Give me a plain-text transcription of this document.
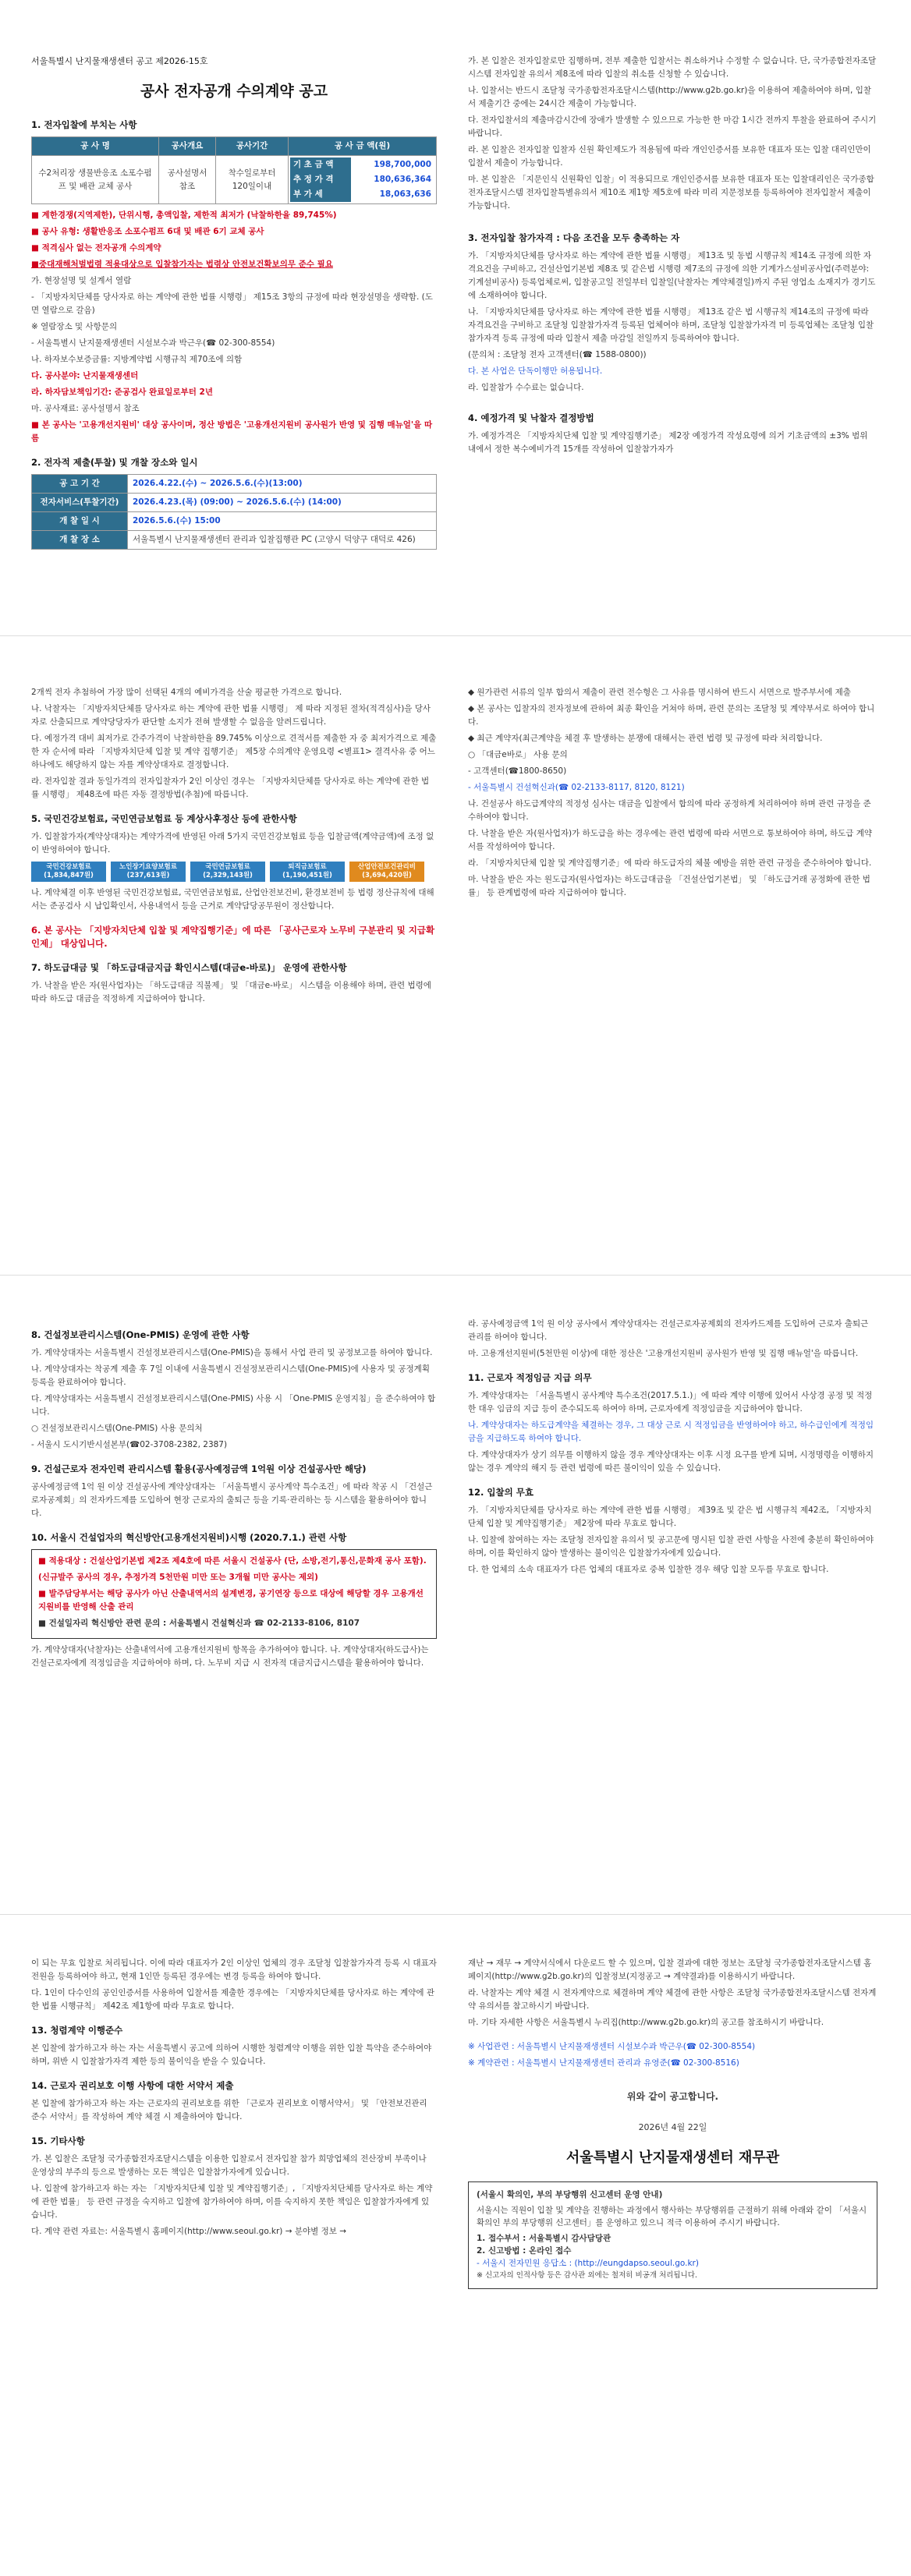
서울특별시 난지물재생센터 공고 제2026-15호
공사 전자공개 수의계약 공고
1. 전자입찰에 부치는 사항
공 사 명	공사개요	공사기간	공 사 금 액(원)
수2처리장 생물반응조 소포수펌프 및 배관 교체 공사	공사설명서 참조	착수일로부터 120일이내	
기 초 금 액	198,700,000
추 정 가 격	180,636,364
부 가 세	18,063,636

■ 계한경쟁(지역제한), 단위시행, 총액입찰, 제한적 최저가 (낙찰하한율 89,745%)

■ 공사 유형: 생활반응조 소포수펌프 6대 및 배관 6기 교체 공사

■ 적격심사 없는 전자공개 수의계약

■중대재해처벌법령 적용대상으로 입찰참가자는 법령상 안전보건확보의무 준수 필요

가. 현장설명 및 설계서 열람

- 「지방자치단체를 당사자로 하는 계약에 관한 법률 시행령」 제15조 3항의 규정에 따라 현장설명을 생략함. (도면 열람으로 갈음)

※ 열람장소 및 사항문의

- 서울특별시 난지물재생센터 시설보수과 박근우(☎ 02-300-8554)

나. 하자보수보증금률: 지방계약법 시행규칙 제70조에 의함

다. 공사분야: 난지물재생센터

라. 하자담보책임기간: 준공검사 완료일로부터 2년

마. 공사재료: 공사설명서 참조

■ 본 공사는 '고용개선지원비' 대상 공사이며, 정산 방법은 '고용개선지원비 공사원가 반영 및 집행 매뉴얼'을 따름

2. 전자적 제출(투찰) 및 개찰 장소와 일시
공 고 기 간	2026.4.22.(수) ~ 2026.5.6.(수)(13:00)
전자서비스(투찰기간)	2026.4.23.(목) (09:00) ~ 2026.5.6.(수) (14:00)
개 찰 일 시	2026.5.6.(수) 15:00
개 찰 장 소	서울특별시 난지물재생센터 관리과 입찰집행관 PC (고양시 덕양구 대덕로 426)

가. 본 입찰은 전자입찰로만 집행하며, 전부 제출한 입찰서는 취소하거나 수정할 수 없습니다. 단, 국가종합전자조달시스템 전자입찰 유의서 제8조에 따라 입찰의 취소를 신청할 수 있습니다.

나. 입찰서는 반드시 조달청 국가종합전자조달시스템(http://www.g2b.go.kr)을 이용하여 제출하여야 하며, 입찰서 제출기간 중에는 24시간 제출이 가능합니다.

다. 전자입찰서의 제출마감시간에 장애가 발생할 수 있으므로 가능한 한 마감 1시간 전까지 투찰을 완료하여 주시기 바랍니다.

라. 본 입찰은 전자입찰 입찰자 신원 확인제도가 적용됨에 따라 개인인증서를 보유한 대표자 또는 입찰 대리인만이 입찰서 제출이 가능합니다.

마. 본 입찰은 「지문인식 신원확인 입찰」이 적용되므로 개인인증서를 보유한 대표자 또는 입찰대리인은 국가종합전자조달시스템 전자입찰특별유의서 제10조 제1항 제5호에 따라 미리 지문정보를 등록하여야 전자입찰서 제출이 가능합니다.

3. 전자입찰 참가자격 : 다음 조건을 모두 충족하는 자

가. 「지방자치단체를 당사자로 하는 계약에 관한 법률 시행령」 제13조 및 동법 시행규칙 제14조 규정에 의한 자격요건을 구비하고, 건설산업기본법 제8조 및 같은법 시행령 제7조의 규정에 의한 기계가스설비공사업(주력분야: 기계설비공사) 등록업체로써, 입찰공고일 전일부터 입찰일(낙찰자는 계약체결일)까지 주된 영업소 소재지가 경기도에 소재하여야 합니다.

나. 「지방자치단체를 당사자로 하는 계약에 관한 법률 시행령」 제13조 같은 법 시행규칙 제14조의 규정에 따라 자격요건을 구비하고 조달청 입찰참가자격 등록된 업체여야 하며, 조달청 입찰참가자격 미 등록업체는 조달청 입찰참가자격 등록 규정에 따라 입찰서 제출 마감일 전일까지 등록하여야 합니다.

(문의처 : 조달청 전자 고객센터(☎ 1588-0800))

다. 본 사업은 단독이행만 허용됩니다.

라. 입찰참가 수수료는 없습니다.

4. 예정가격 및 낙찰자 결정방법

가. 예정가격은 「지방자치단체 입찰 및 계약집행기준」 제2장 예정가격 작성요령에 의거 기초금액의 ±3% 범위 내에서 정한 복수예비가격 15개를 작성하여 입찰참가자가

2개씩 전자 추첨하여 가장 많이 선택된 4개의 예비가격을 산술 평균한 가격으로 합니다.

나. 낙찰자는 「지방자치단체를 당사자로 하는 계약에 관한 법률 시행령」 제 따라 지정된 절차(적격심사)을 당사자로 산출되므로 계약당당자가 판단할 소지가 전혀 발생할 수 없음을 알려드립니다.

다. 예정가격 대비 최저가로 간주가격이 낙찰하한율 89.745% 이상으로 견적서를 제출한 자 중 최저가격으로 제출한 자 순서에 따라 「지방자치단체 입찰 및 계약 집행기준」 제5장 수의계약 운영요령 <별표1> 결격사유 중 어느 하나에도 해당하지 않는 자를 계약상대자로 결정합니다.

라. 전자입찰 결과 동일가격의 전자입찰자가 2인 이상인 경우는 「지방자치단체를 당사자로 하는 계약에 관한 법률 시행령」 제48조에 따른 자동 결정방법(추첨)에 따릅니다.

5. 국민건강보험료, 국민연금보험료 등 계상사후정산 등에 관한사항

가. 입찰참가자(계약상대자)는 계약가격에 반영된 아래 5가지 국민건강보험료 등을 입찰금액(계약금액)에 조정 없이 반영하여야 합니다.

국민건강보험료
(1,834,847원)
노인장기요양보험료
(237,613원)
국민연금보험료
(2,329,143원)
퇴직금보험료
(1,190,451원)
산업안전보건관리비
(3,694,420원)

나. 계약체결 이후 반영된 국민건강보험료, 국민연금보험료, 산업안전보건비, 환경보전비 등 법령 정산규칙에 대해서는 준공검사 시 납입확인서, 사용내역서 등을 근거로 계약담당공무원이 정산합니다.

6. 본 공사는 「지방자치단체 입찰 및 계약집행기준」에 따른 「공사근로자 노무비 구분관리 및 지급확인제」 대상입니다.
7. 하도급대금 및 「하도급대금지급 확인시스템(대금e-바로)」 운영에 관한사항

가. 낙찰을 받은 자(원사업자)는 「하도급대금 직불제」 및 「대금e-바로」 시스템을 이용해야 하며, 관련 법령에 따라 하도급 대금을 적정하게 지급하여야 합니다.

◆ 원가관련 서류의 일부 합의서 제출이 관련 전수형은 그 사유를 명시하여 반드시 서면으로 발주부서에 제출

◆ 본 공사는 입찰자의 전자정보에 관하여 최종 확인을 거쳐야 하며, 관련 문의는 조달청 및 계약부서로 하여야 합니다.

◆ 최근 계약자(최근계약을 체결 후 발생하는 분쟁에 대해서는 관련 법령 및 규정에 따라 처리합니다.

○ 「대금e바로」 사용 문의

- 고객센터(☎1800-8650)

- 서울특별시 건설혁신과(☎ 02-2133-8117, 8120, 8121)

나. 건설공사 하도급계약의 적정성 심사는 대금을 입찰에서 합의에 따라 공정하게 처리하여야 하며 관련 규정을 준수하여야 합니다.

다. 낙찰을 받은 자(원사업자)가 하도급을 하는 경우에는 관련 법령에 따라 서면으로 통보하여야 하며, 하도급 계약서를 작성하여야 합니다.

라. 「지방자치단체 입찰 및 계약집행기준」에 따라 하도급자의 체불 예방을 위한 관련 규정을 준수하여야 합니다.

마. 낙찰을 받은 자는 원도급자(원사업자)는 하도급대금을 「건설산업기본법」 및 「하도급거래 공정화에 관한 법률」 등 관계법령에 따라 지급하여야 합니다.

8. 건설정보관리시스템(One-PMIS) 운영에 관한 사항

가. 계약상대자는 서울특별시 건설정보관리시스템(One-PMIS)을 통해서 사업 관리 및 공정보고를 하여야 합니다.

나. 계약상대자는 착공계 제출 후 7일 이내에 서울특별시 건설정보관리시스템(One-PMIS)에 사용자 및 공정계획 등록을 완료하여야 합니다.

다. 계약상대자는 서울특별시 건설정보관리시스템(One-PMIS) 사용 시 「One-PMIS 운영지침」을 준수하여야 합니다.

○ 건설정보관리시스템(One-PMIS) 사용 문의처

- 서울시 도시기반시설본부(☎02-3708-2382, 2387)

9. 건설근로자 전자인력 관리시스템 활용(공사예정금액 1억원 이상 건설공사만 해당)

공사예정금액 1억 원 이상 건설공사에 계약상대자는 「서울특별시 공사계약 특수조건」에 따라 착공 시 「건설근로자공제회」의 전자카드제를 도입하여 현장 근로자의 출퇴근 등을 기록·관리하는 등 시스템을 활용하여야 합니다.

10. 서울시 건설업자의 혁신방안(고용개선지원비)시행 (2020.7.1.) 관련 사항

■ 적용대상 : 건설산업기본법 제2조 제4호에 따른 서울시 건설공사 (단, 소방,전기,통신,문화재 공사 포함).

(신규발주 공사의 경우, 추정가격 5천만원 미만 또는 3개월 미만 공사는 제외)

■ 발주담당부서는 해당 공사가 아닌 산출내역서의 설계변경, 공기연장 등으로 대상에 해당할 경우 고용개선지원비를 반영해 산출 관리

■ 건설일자리 혁신방안 관련 문의 : 서울특별시 건설혁신과 ☎ 02-2133-8106, 8107

가. 계약상대자(낙찰자)는 산출내역서에 고용개선지원비 항목을 추가하여야 합니다. 나. 계약상대자(하도급사)는 건설근로자에게 적정임금을 지급하여야 하며, 다. 노무비 지급 시 전자적 대금지급시스템을 활용하여야 합니다.

라. 공사예정금액 1억 원 이상 공사에서 계약상대자는 건설근로자공제회의 전자카드제를 도입하여 근로자 출퇴근 관리를 하여야 합니다.

마. 고용개선지원비(5천만원 이상)에 대한 정산은 '고용개선지원비 공사원가 반영 및 집행 매뉴얼'을 따릅니다.

11. 근로자 적정임금 지급 의무

가. 계약상대자는 「서울특별시 공사계약 특수조건(2017.5.1.)」에 따라 계약 이행에 있어서 사상경 공정 및 적정한 대우 임금의 지급 등이 준수되도록 하여야 하며, 근로자에게 적정임금을 지급하여야 합니다.

나. 계약상대자는 하도급계약을 체결하는 경우, 그 대상 근로 시 적정임금을 반영하여야 하고, 하수급인에게 적정임금을 지급하도록 하여야 합니다.

다. 계약상대자가 상기 의무를 이행하지 않을 경우 계약상대자는 이후 시정 요구를 받게 되며, 시정명령을 이행하지 않는 경우 계약의 해지 등 관련 법령에 따른 불이익이 있을 수 있습니다.

12. 입찰의 무효

가. 「지방자치단체를 당사자로 하는 계약에 관한 법률 시행령」 제39조 및 같은 법 시행규칙 제42조, 「지방자치단체 입찰 및 계약집행기준」 제2장에 따라 무효로 합니다.

나. 입찰에 참여하는 자는 조달청 전자입찰 유의서 및 공고문에 명시된 입찰 관련 사항을 사전에 충분히 확인하여야 하며, 이를 확인하지 않아 발생하는 불이익은 입찰참가자에게 있습니다.

다. 한 업체의 소속 대표자가 다른 업체의 대표자로 중복 입찰한 경우 해당 입찰 모두를 무효로 합니다.

이 되는 무효 입찰로 처리됩니다. 이에 따라 대표자가 2인 이상인 업체의 경우 조달청 입찰참가자격 등록 시 대표자 전원을 등록하여야 하고, 현재 1인만 등록된 경우에는 변경 등록을 하여야 합니다.

다. 1인이 다수인의 공인인증서를 사용하여 입찰서를 제출한 경우에는 「지방자치단체를 당사자로 하는 계약에 관한 법률 시행규칙」 제42조 제1항에 따라 무효로 합니다.

13. 청렴계약 이행준수

본 입찰에 참가하고자 하는 자는 서울특별시 공고에 의하여 시행한 청렴계약 이행을 위한 입찰 특약을 준수하여야 하며, 위반 시 입찰참가자격 제한 등의 불이익을 받을 수 있습니다.

14. 근로자 권리보호 이행 사항에 대한 서약서 제출

본 입찰에 참가하고자 하는 자는 근로자의 권리보호를 위한 「근로자 권리보호 이행서약서」 및 「안전보건관리 준수 서약서」를 작성하여 계약 체결 시 제출하여야 합니다.

15. 기타사항

가. 본 입찰은 조달청 국가종합전자조달시스템을 이용한 입찰로서 전자입찰 참가 희망업체의 전산장비 부족이나 운영상의 부주의 등으로 발생하는 모든 책임은 입찰참가자에게 있습니다.

나. 입찰에 참가하고자 하는 자는 「지방자치단체 입찰 및 계약집행기준」, 「지방자치단체를 당사자로 하는 계약에 관한 법률」 등 관련 규정을 숙지하고 입찰에 참가하여야 하며, 이를 숙지하지 못한 책임은 입찰참가자에게 있습니다.

다. 계약 관련 자료는: 서울특별시 홈페이지(http://www.seoul.go.kr) → 분야별 정보 →

재난 → 재무 → 계약서식에서 다운로드 할 수 있으며, 입찰 결과에 대한 정보는 조달청 국가종합전자조달시스템 홈페이지(http://www.g2b.go.kr)의 입찰정보(지정공고 → 계약결과)를 이용하시기 바랍니다.

라. 낙찰자는 계약 체결 시 전자계약으로 체결하며 계약 체결에 관한 사항은 조달청 국가종합전자조달시스템 전자계약 유의서를 참고하시기 바랍니다.

마. 기타 자세한 사항은 서울특별시 누리집(http://www.g2b.go.kr)의 공고를 참조하시기 바랍니다.

※ 사업관련 : 서울특별시 난지물재생센터 시설보수과 박근우(☎ 02-300-8554)

※ 계약관련 : 서울특별시 난지물재생센터 관리과 유영준(☎ 02-300-8516)

위와 같이 공고합니다.
2026년 4월 22일
서울특별시 난지물재생센터 재무관
(서울시 확의인, 부의 부당행위 신고센터 운영 안내)
서울시는 직원이 입찰 및 계약을 진행하는 과정에서 행사하는 부당행위를 근절하기 위해 아래와 같이 「서울시 확의인 부의 부당행위 신고센터」를 운영하고 있으니 적극 이용하여 주시기 바랍니다.
1. 접수부서 : 서울특별시 감사담당관
2. 신고방법 : 온라인 접수
- 서울시 전자민원 응답소 : (http://eungdapso.seoul.go.kr)
※ 신고자의 인적사항 등은 감사관 외에는 철저히 비공개 처리됩니다.
